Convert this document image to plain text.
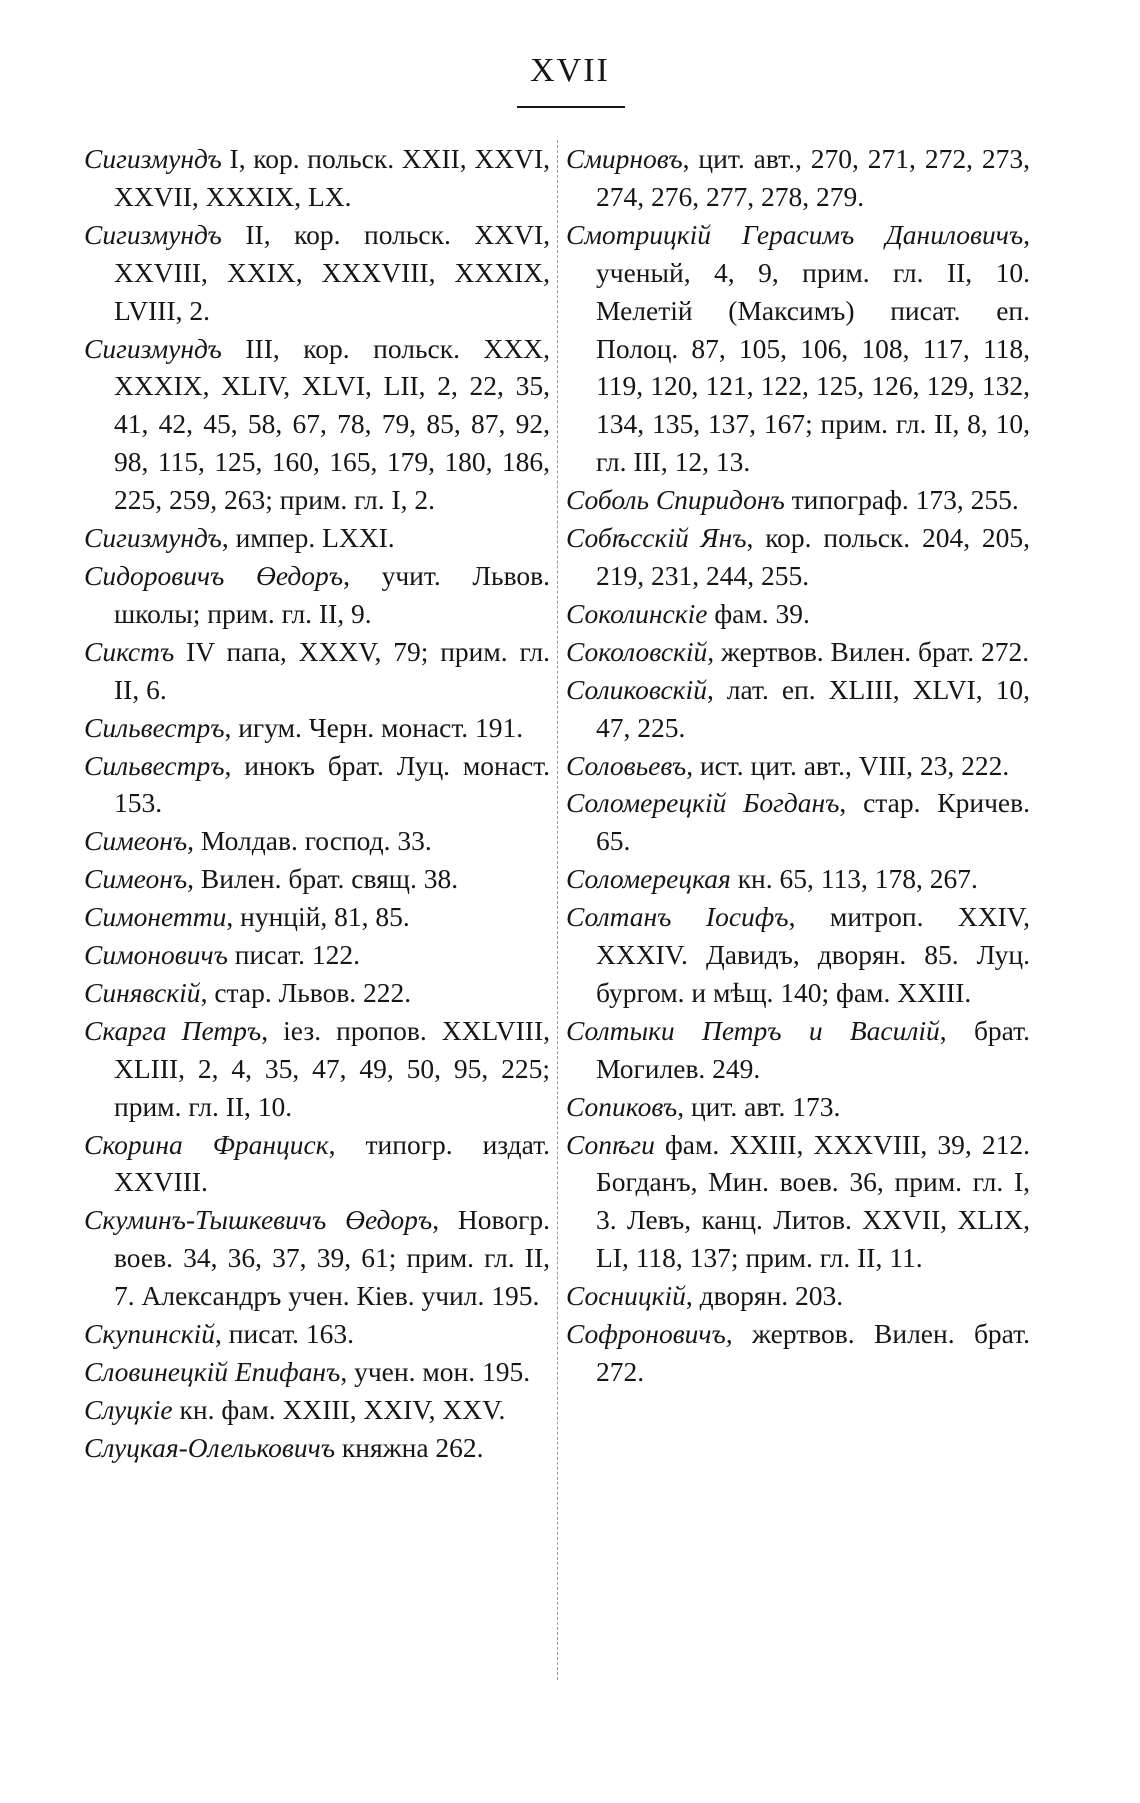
XVII

Сигизмундъ I, кор. польск. XXII, XXVI, XXVII, XXXIX, LX.

Сигизмундъ II, кор. польск. XXVI, XXVIII, XXIX, XXXVIII, XXXIX, LVIII, 2.

Сигизмундъ III, кор. польск. XXX, XXXIX, XLIV, XLVI, LII, 2, 22, 35, 41, 42, 45, 58, 67, 78, 79, 85, 87, 92, 98, 115, 125, 160, 165, 179, 180, 186, 225, 259, 263; прим. гл. I, 2.

Сигизмундъ, импер. LXXI.

Сидоровичъ Өедоръ, учит. Львов. школы; прим. гл. II, 9.

Сикстъ IV папа, XXXV, 79; прим. гл. II, 6.

Сильвестръ, игум. Черн. монаст. 191.

Сильвестръ, инокъ брат. Луц. монаст. 153.

Симеонъ, Молдав. господ. 33.

Симеонъ, Вилен. брат. свящ. 38.

Симонетти, нунцій, 81, 85.

Симоновичъ писат. 122.

Синявскій, стар. Львов. 222.

Скарга Петръ, іез. пропов. XXLVIII, XLIII, 2, 4, 35, 47, 49, 50, 95, 225; прим. гл. II, 10.

Скорина Франциск, типогр. издат. XXVIII.

Скуминъ-Тышкевичъ Өедоръ, Новогр. воев. 34, 36, 37, 39, 61; прим. гл. II, 7. Александръ учен. Кiев. учил. 195.

Скупинскій, писат. 163.

Словинецкій Епифанъ, учен. мон. 195.

Слуцкіе кн. фам. XXIII, XXIV, XXV.

Слуцкая-Олельковичъ княжна 262.

Смирновъ, цит. авт., 270, 271, 272, 273, 274, 276, 277, 278, 279.

Смотрицкій Герасимъ Даниловичъ, ученый, 4, 9, прим. гл. II, 10. Мелетій (Максимъ) писат. еп. Полоц. 87, 105, 106, 108, 117, 118, 119, 120, 121, 122, 125, 126, 129, 132, 134, 135, 137, 167; прим. гл. II, 8, 10, гл. III, 12, 13.

Соболь Спиридонъ типограф. 173, 255.

Собѣсскій Янъ, кор. польск. 204, 205, 219, 231, 244, 255.

Соколинскіе фам. 39.

Соколовскій, жертвов. Вилен. брат. 272.

Соликовскій, лат. еп. XLIII, XLVI, 10, 47, 225.

Соловьевъ, ист. цит. авт., VIII, 23, 222.

Соломерецкій Богданъ, стар. Кричев. 65.

Соломерецкая кн. 65, 113, 178, 267.

Солтанъ Іосифъ, митроп. XXIV, XXXIV. Давидъ, дворян. 85. Луц. бургом. и мѣщ. 140; фам. XXIII.

Солтыки Петръ и Василій, брат. Могилев. 249.

Сопиковъ, цит. авт. 173.

Сопѣги фам. XXIII, XXXVIII, 39, 212. Богданъ, Мин. воев. 36, прим. гл. I, 3. Левъ, канц. Литов. XXVII, XLIX, LI, 118, 137; прим. гл. II, 11.

Сосницкій, дворян. 203.

Софроновичъ, жертвов. Вилен. брат. 272.
